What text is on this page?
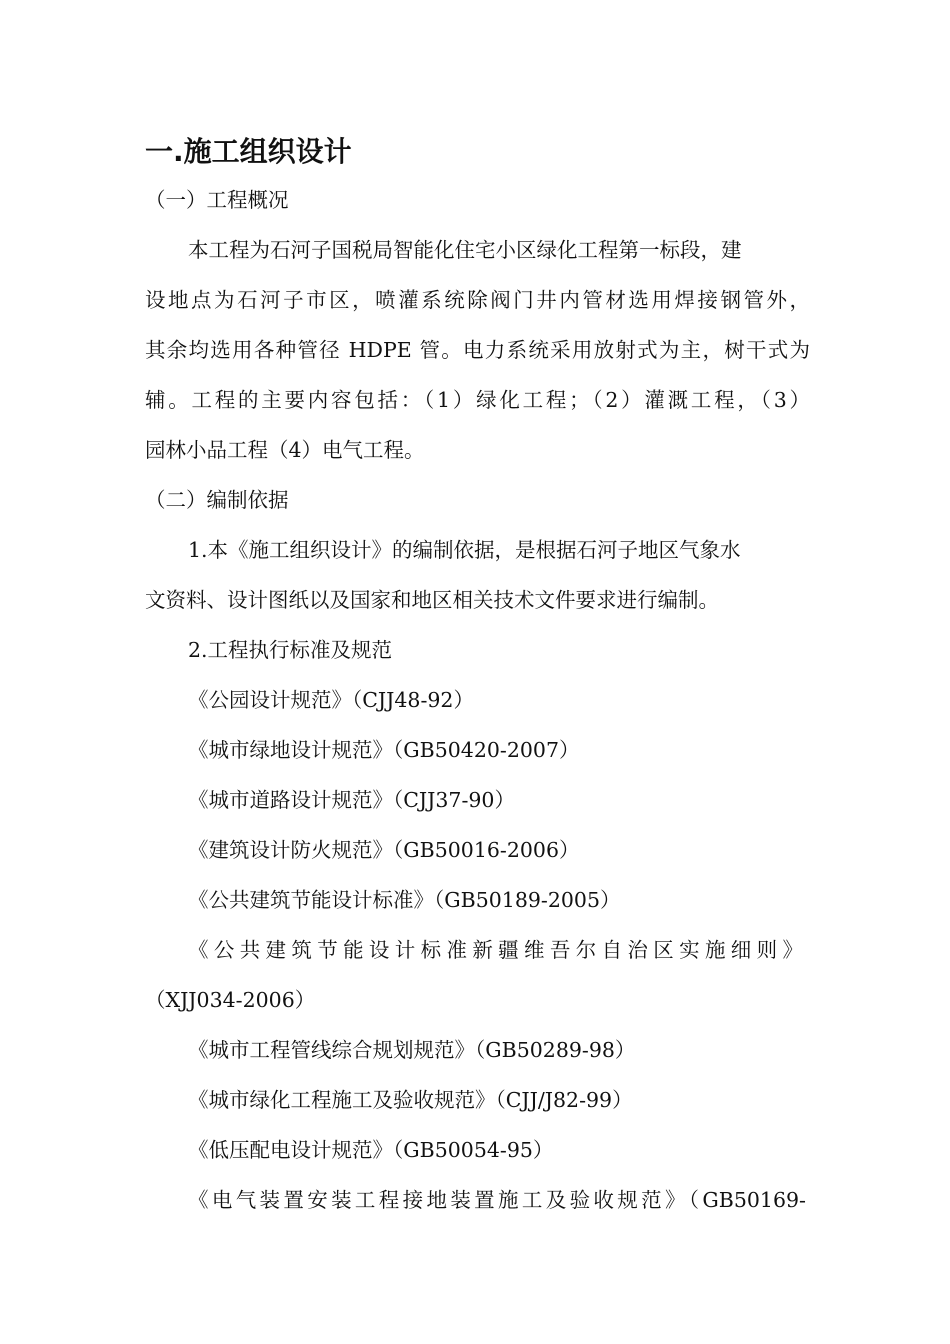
一.施工组织设计
（一）工程概况
本工程为石河子国税局智能化住宅小区绿化工程第一标段，建
设地点为石河子市区，喷灌系统除阀门井内管材选用焊接钢管外，
其余均选用各种管径 HDPE 管。电力系统采用放射式为主，树干式为
辅。工程的主要内容包括：（1）绿化工程；（2）灌溉工程，（3）
园林小品工程（4）电气工程。
（二）编制依据
1.本《施工组织设计》的编制依据，是根据石河子地区气象水
文资料、设计图纸以及国家和地区相关技术文件要求进行编制。
2.工程执行标准及规范
《公园设计规范》（CJJ48-92）
《城市绿地设计规范》（GB50420-2007）
《城市道路设计规范》（CJJ37-90）
《建筑设计防火规范》（GB50016-2006）
《公共建筑节能设计标准》（GB50189-2005）
《公共建筑节能设计标准新疆维吾尔自治区实施细则》
（XJJ034-2006）
《城市工程管线综合规划规范》（GB50289-98）
《城市绿化工程施工及验收规范》（CJJ/J82-99）
《低压配电设计规范》（GB50054-95）
《电气装置安装工程接地装置施工及验收规范》（GB50169-
